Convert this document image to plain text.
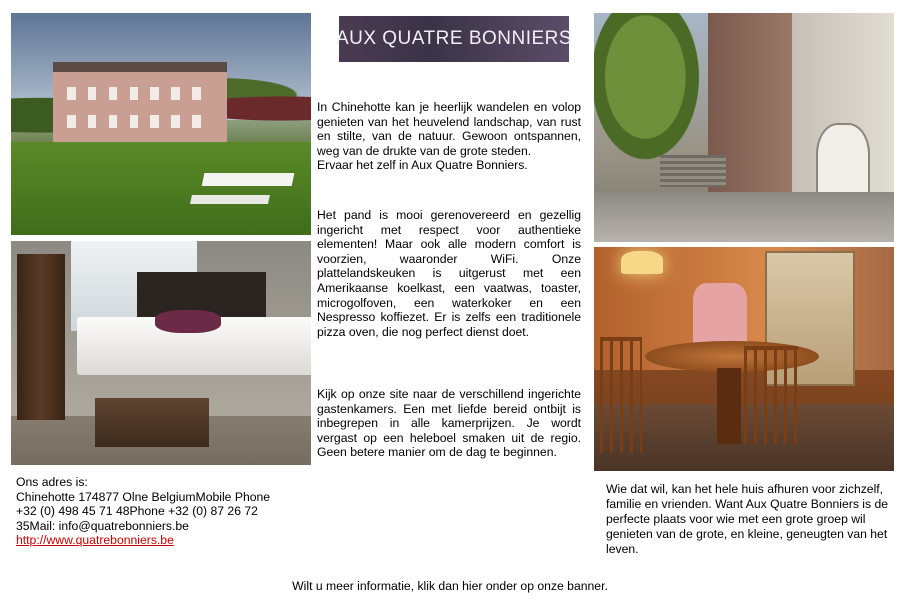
AUX QUATRE BONNIERS

In Chinehotte kan je heerlijk wandelen en volop genieten van het heuvelend landschap, van rust en stilte, van de natuur. Gewoon ontspannen, weg van de drukte van de grote steden.

Ervaar het zelf in Aux Quatre Bonniers.

Het pand is mooi gerenovereerd en gezellig ingericht met respect voor authentieke elementen! Maar ook alle modern comfort is voorzien, waaronder WiFi. Onze plattelandskeuken is uitgerust met een Amerikaanse koelkast, een vaatwas, toaster, microgolfoven, een waterkoker en een Nespresso koffiezet. Er is zelfs een traditionele pizza oven, die nog perfect dienst doet.
Kijk op onze site naar de verschillend ingerichte gastenkamers. Een met liefde bereid ontbijt is inbegrepen in alle kamerprijzen. Je wordt vergast op een heleboel smaken uit de regio. Geen betere manier om de dag te beginnen.
Ons adres is:
Chinehotte 174877 Olne BelgiumMobile Phone
+32 (0) 498 45 71 48Phone +32 (0) 87 26 72
35Mail: info@quatrebonniers.be
http://www.quatrebonniers.be
Wie dat wil, kan het hele huis afhuren voor zichzelf, familie en vrienden. Want Aux Quatre Bonniers is de perfecte plaats voor wie met een grote groep wil genieten van de grote, en kleine, geneugten van het leven.
Wilt u meer informatie, klik dan hier onder op onze banner.
